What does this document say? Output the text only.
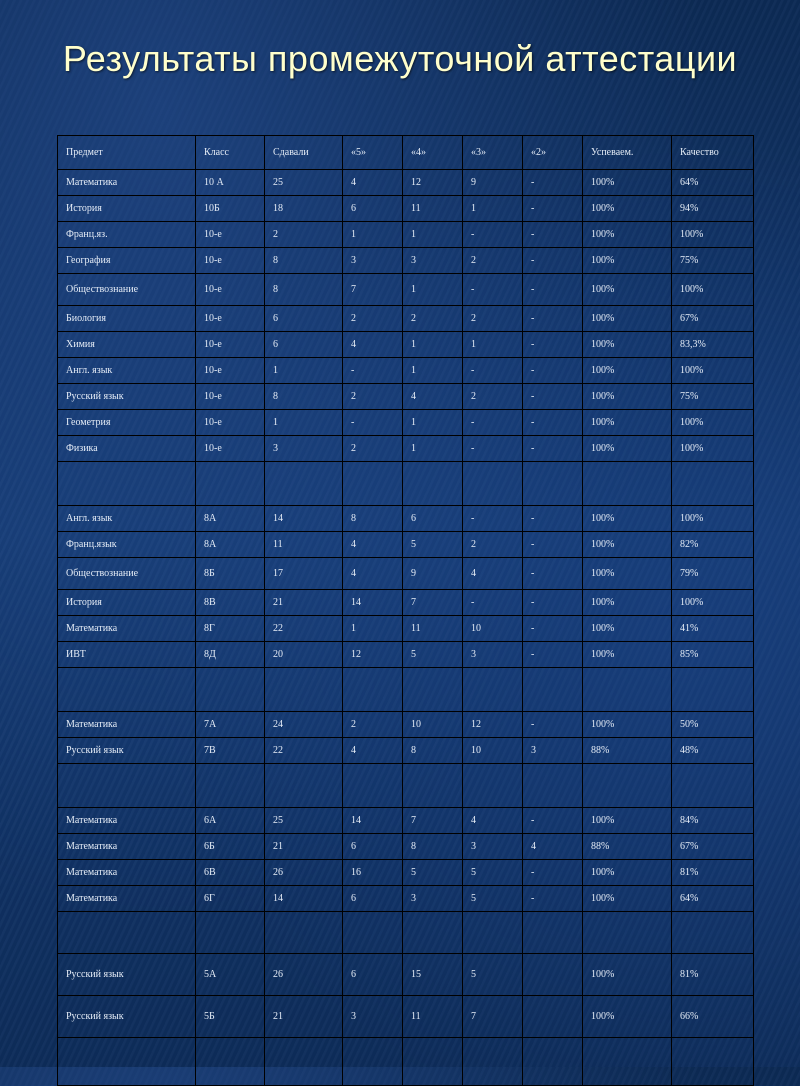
Результаты промежуточной аттестации
Предмет	Класс	Сдавали	«5»	«4»	«3»	«2»	Успеваем.	Качество
Математика	10 А	25	4	12	9	-	100%	64%
История	10Б	18	6	11	1	-	100%	94%
Франц.яз.	10-е	2	1	1	-	-	100%	100%
География	10-е	8	3	3	2	-	100%	75%
Обществознание	10-е	8	7	1	-	-	100%	100%
Биология	10-е	6	2	2	2	-	100%	67%
Химия	10-е	6	4	1	1	-	100%	83,3%
Англ. язык	10-е	1	-	1	-	-	100%	100%
Русский язык	10-е	8	2	4	2	-	100%	75%
Геометрия	10-е	1	-	1	-	-	100%	100%
Физика	10-е	3	2	1	-	-	100%	100%

Англ. язык	8А	14	8	6	-	-	100%	100%
Франц.язык	8А	11	4	5	2	-	100%	82%
Обществознание	8Б	17	4	9	4	-	100%	79%
История	8В	21	14	7	-	-	100%	100%
Математика	8Г	22	1	11	10	-	100%	41%
ИВТ	8Д	20	12	5	3	-	100%	85%

Математика	7А	24	2	10	12	-	100%	50%
Русский язык	7В	22	4	8	10	3	88%	48%

Математика	6А	25	14	7	4	-	100%	84%
Математика	6Б	21	6	8	3	4	88%	67%
Математика	6В	26	16	5	5	-	100%	81%
Математика	6Г	14	6	3	5	-	100%	64%

Русский язык	5А	26	6	15	5		100%	81%
Русский язык	5Б	21	3	11	7		100%	66%
